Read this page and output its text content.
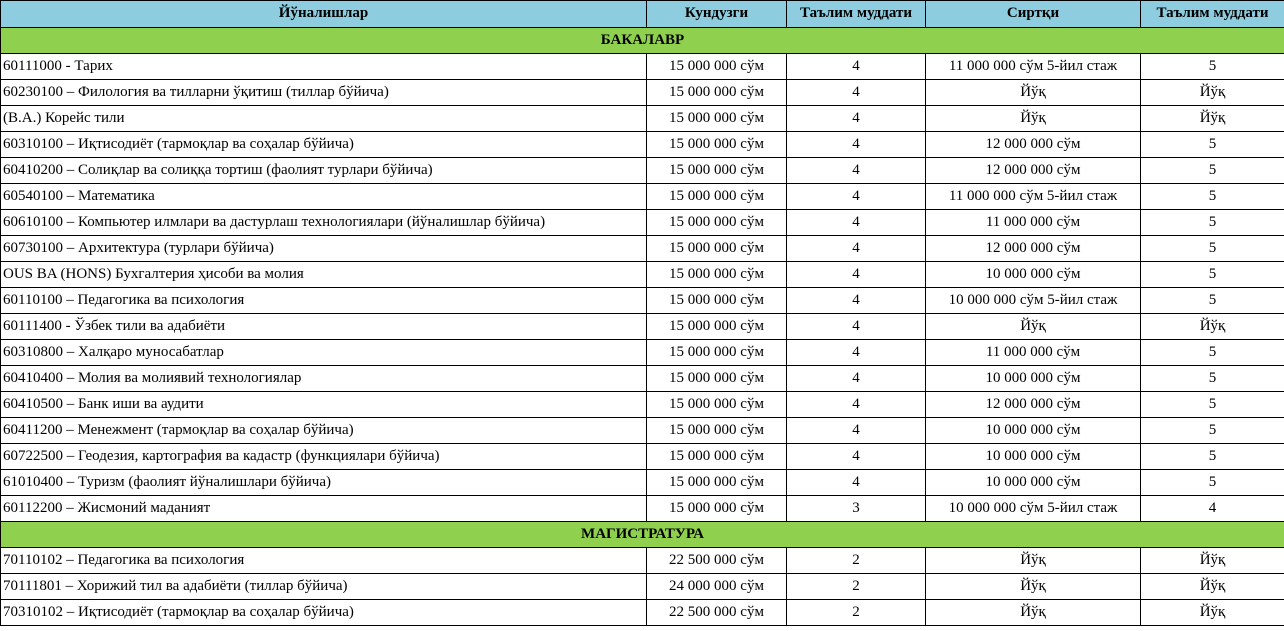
Йўналишлар	Кундузги	Таълим муддати	Сиртқи	Таълим муддати
БАКАЛАВР				
60111000 - Тарих	15 000 000 сўм	4	11 000 000 сўм 5-йил стаж	5
60230100 – Филология ва тилларни ўқитиш (тиллар бўйича)	15 000 000 сўм	4	Йўқ	Йўқ
(B.A.) Корейс тили	15 000 000 сўм	4	Йўқ	Йўқ
60310100 – Иқтисодиёт (тармоқлар ва соҳалар бўйича)	15 000 000 сўм	4	12 000 000 сўм	5
60410200 – Солиқлар ва солиққа тортиш (фаолият турлари бўйича)	15 000 000 сўм	4	12 000 000 сўм	5
60540100 – Математика	15 000 000 сўм	4	11 000 000 сўм 5-йил стаж	5
60610100 – Компьютер илмлари ва дастурлаш технологиялари (йўналишлар бўйича)	15 000 000 сўм	4	11 000 000 сўм	5
60730100 – Архитектура (турлари бўйича)	15 000 000 сўм	4	12 000 000 сўм	5
OUS BA (HONS) Бухгалтерия ҳисоби ва молия	15 000 000 сўм	4	10 000 000 сўм	5
60110100 – Педагогика ва психология	15 000 000 сўм	4	10 000 000 сўм 5-йил стаж	5
60111400 - Ўзбек тили ва адабиёти	15 000 000 сўм	4	Йўқ	Йўқ
60310800 – Халқаро муносабатлар	15 000 000 сўм	4	11 000 000 сўм	5
60410400 – Молия ва молиявий технологиялар	15 000 000 сўм	4	10 000 000 сўм	5
60410500 – Банк иши ва аудити	15 000 000 сўм	4	12 000 000 сўм	5
60411200 – Менежмент (тармоқлар ва соҳалар бўйича)	15 000 000 сўм	4	10 000 000 сўм	5
60722500 – Геодезия, картография ва кадастр (функциялари бўйича)	15 000 000 сўм	4	10 000 000 сўм	5
61010400 – Туризм (фаолият йўналишлари бўйича)	15 000 000 сўм	4	10 000 000 сўм	5
60112200 – Жисмоний маданият	15 000 000 сўм	3	10 000 000 сўм 5-йил стаж	4
МАГИСТРАТУРА				
70110102 – Педагогика ва психология	22 500 000 сўм	2	Йўқ	Йўқ
70111801 – Хорижий тил ва адабиёти (тиллар бўйича)	24 000 000 сўм	2	Йўқ	Йўқ
70310102 – Иқтисодиёт (тармоқлар ва соҳалар бўйича)	22 500 000 сўм	2	Йўқ	Йўқ
